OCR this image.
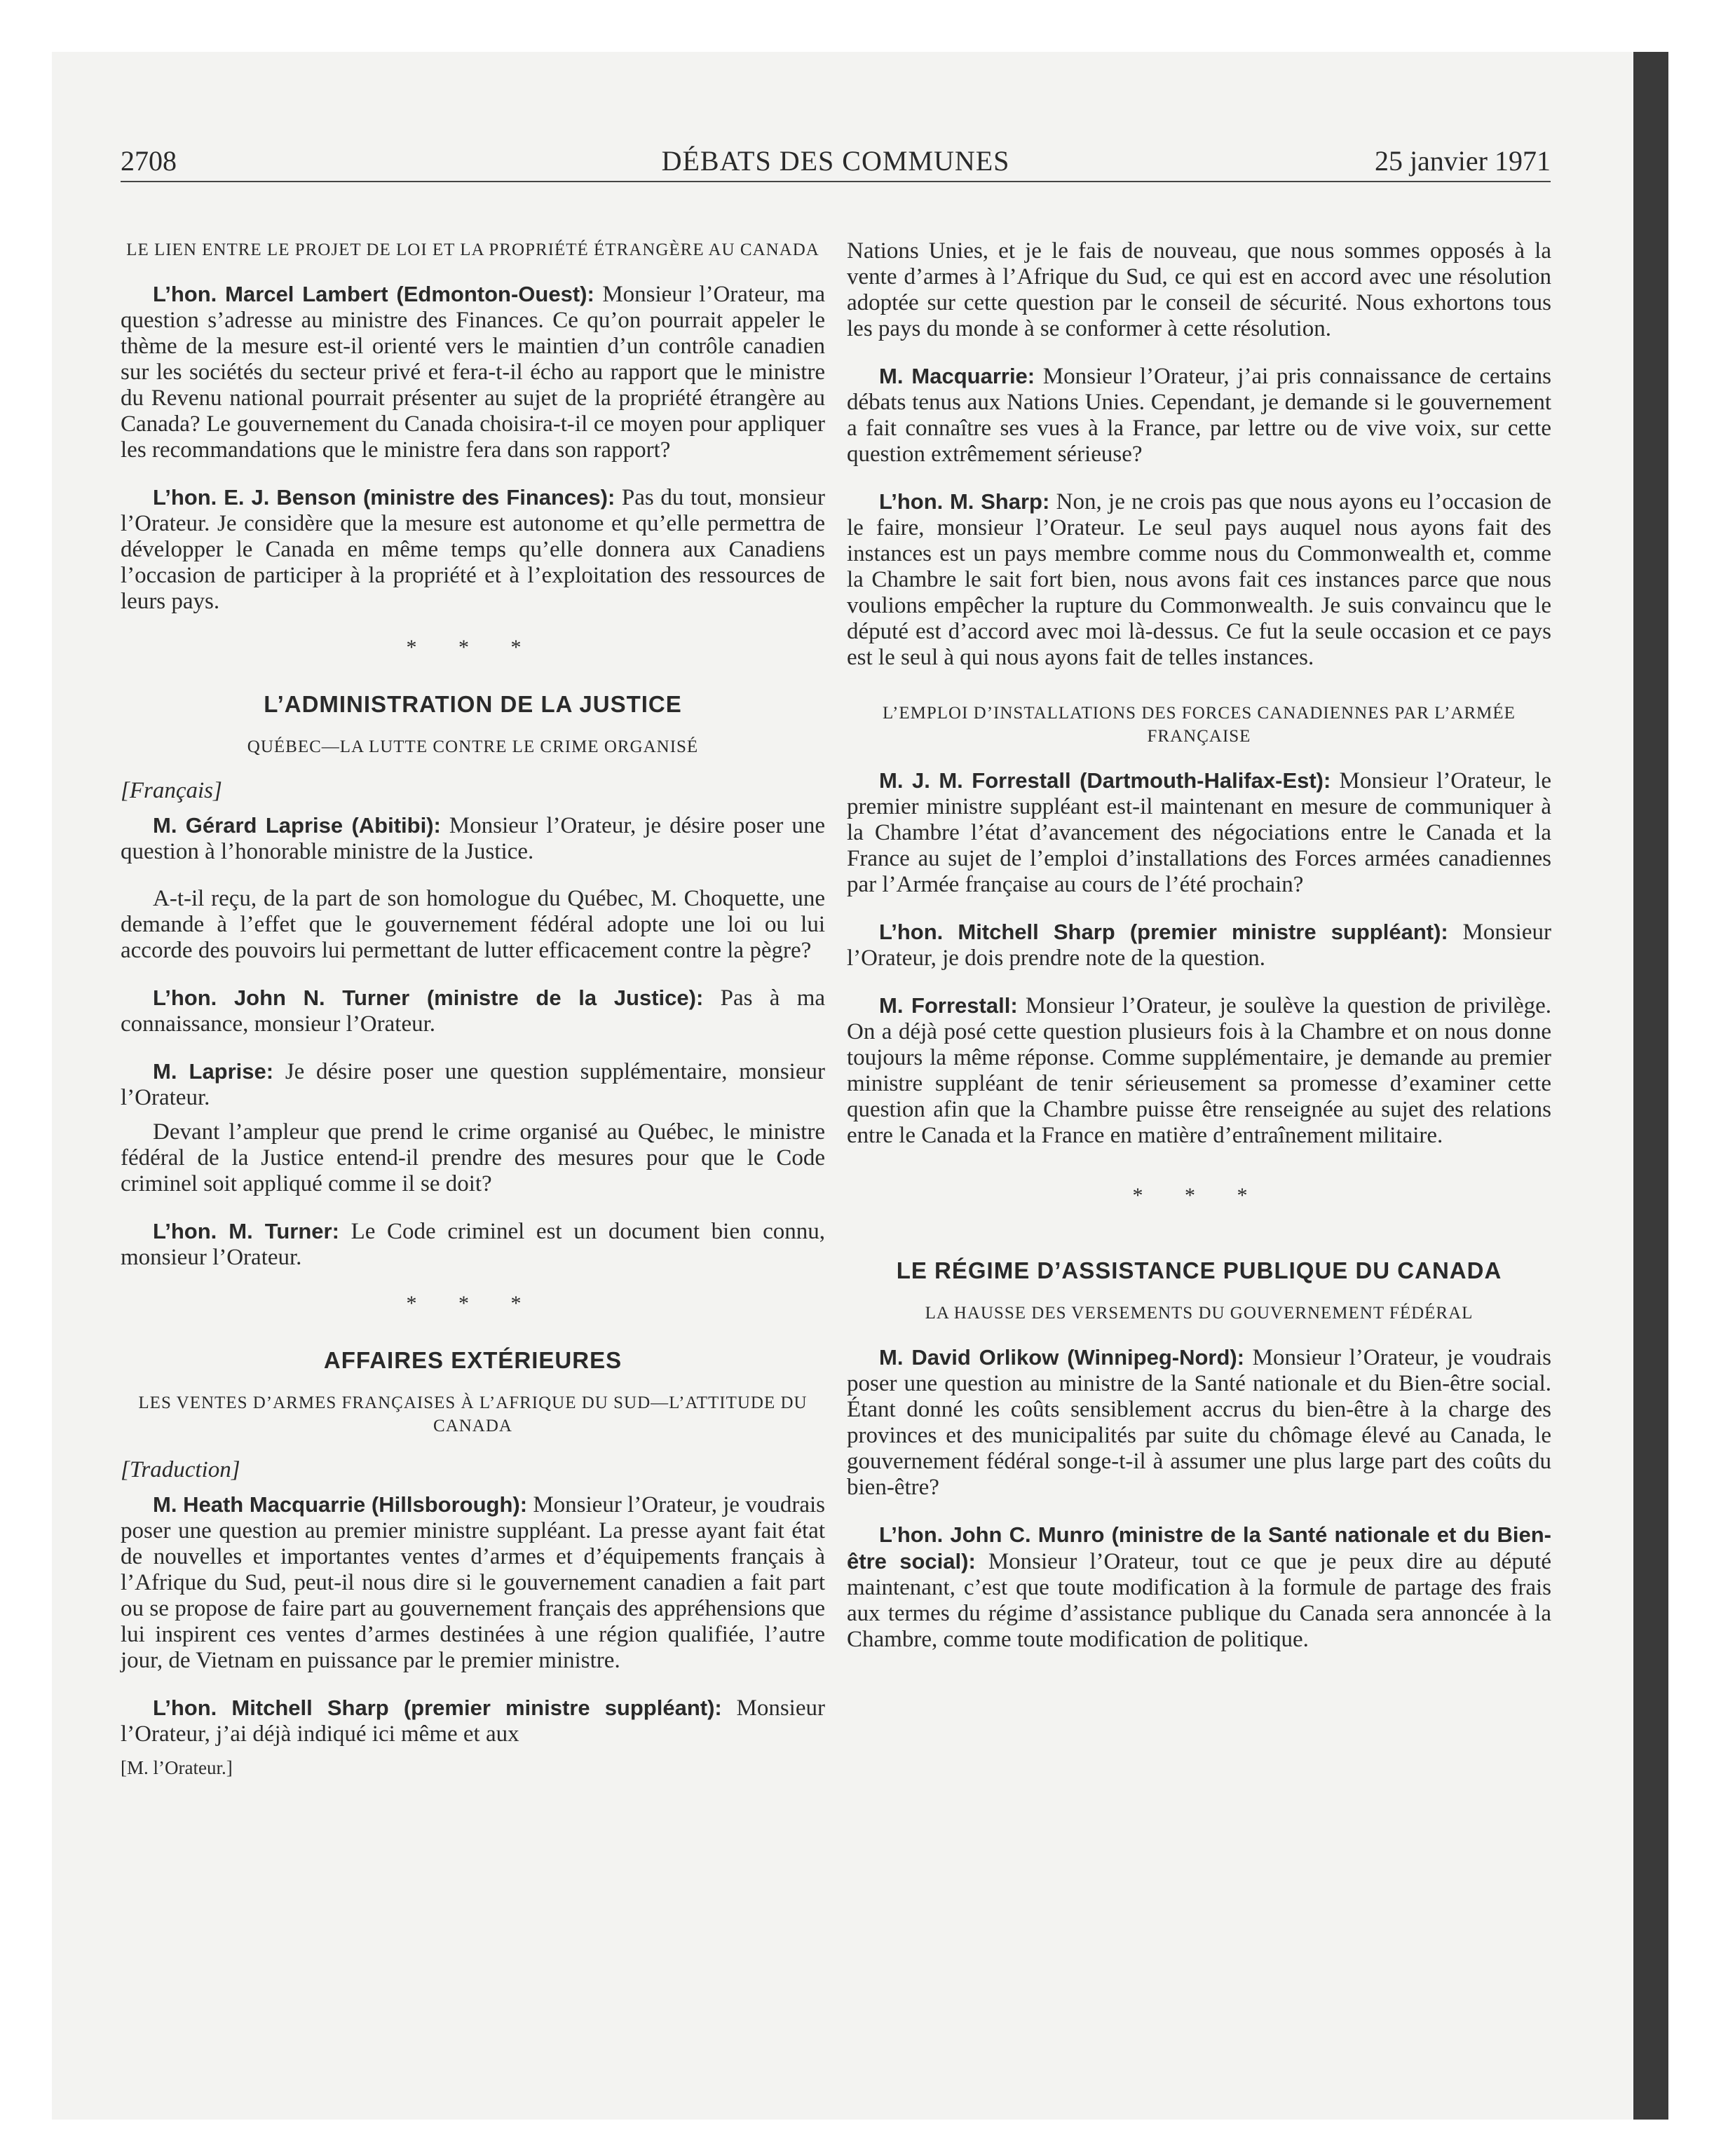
2708	DÉBATS DES COMMUNES	25 janvier 1971
LE LIEN ENTRE LE PROJET DE LOI ET LA PROPRIÉTÉ ÉTRANGÈRE AU CANADA

L’hon. Marcel Lambert (Edmonton-Ouest): Monsieur l’Orateur, ma question s’adresse au ministre des Finances. Ce qu’on pourrait appeler le thème de la mesure est-il orienté vers le maintien d’un contrôle canadien sur les sociétés du secteur privé et fera-t-il écho au rapport que le ministre du Revenu national pourrait présenter au sujet de la propriété étrangère au Canada? Le gouvernement du Canada choisira-t-il ce moyen pour appliquer les recommandations que le ministre fera dans son rapport?

L’hon. E. J. Benson (ministre des Finances): Pas du tout, monsieur l’Orateur. Je considère que la mesure est autonome et qu’elle permettra de développer le Canada en même temps qu’elle donnera aux Canadiens l’occasion de participer à la propriété et à l’exploitation des ressources de leurs pays.

* * *
L’ADMINISTRATION DE LA JUSTICE
QUÉBEC—LA LUTTE CONTRE LE CRIME ORGANISÉ
[Français]

M. Gérard Laprise (Abitibi): Monsieur l’Orateur, je désire poser une question à l’honorable ministre de la Justice.

A-t-il reçu, de la part de son homologue du Québec, M. Choquette, une demande à l’effet que le gouvernement fédéral adopte une loi ou lui accorde des pouvoirs lui permettant de lutter efficacement contre la pègre?

L’hon. John N. Turner (ministre de la Justice): Pas à ma connaissance, monsieur l’Orateur.

M. Laprise: Je désire poser une question supplémentaire, monsieur l’Orateur.

Devant l’ampleur que prend le crime organisé au Québec, le ministre fédéral de la Justice entend-il prendre des mesures pour que le Code criminel soit appliqué comme il se doit?

L’hon. M. Turner: Le Code criminel est un document bien connu, monsieur l’Orateur.

* * *
AFFAIRES EXTÉRIEURES
LES VENTES D’ARMES FRANÇAISES À L’AFRIQUE DU SUD—L’ATTITUDE DU CANADA
[Traduction]

M. Heath Macquarrie (Hillsborough): Monsieur l’Orateur, je voudrais poser une question au premier ministre suppléant. La presse ayant fait état de nouvelles et importantes ventes d’armes et d’équipements français à l’Afrique du Sud, peut-il nous dire si le gouvernement canadien a fait part ou se propose de faire part au gouvernement français des appréhensions que lui inspirent ces ventes d’armes destinées à une région qualifiée, l’autre jour, de Vietnam en puissance par le premier ministre.

L’hon. Mitchell Sharp (premier ministre suppléant): Monsieur l’Orateur, j’ai déjà indiqué ici même et aux

[M. l’Orateur.]

Nations Unies, et je le fais de nouveau, que nous sommes opposés à la vente d’armes à l’Afrique du Sud, ce qui est en accord avec une résolution adoptée sur cette question par le conseil de sécurité. Nous exhortons tous les pays du monde à se conformer à cette résolution.

M. Macquarrie: Monsieur l’Orateur, j’ai pris connaissance de certains débats tenus aux Nations Unies. Cependant, je demande si le gouvernement a fait connaître ses vues à la France, par lettre ou de vive voix, sur cette question extrêmement sérieuse?

L’hon. M. Sharp: Non, je ne crois pas que nous ayons eu l’occasion de le faire, monsieur l’Orateur. Le seul pays auquel nous ayons fait des instances est un pays membre comme nous du Commonwealth et, comme la Chambre le sait fort bien, nous avons fait ces instances parce que nous voulions empêcher la rupture du Commonwealth. Je suis convaincu que le député est d’accord avec moi là-dessus. Ce fut la seule occasion et ce pays est le seul à qui nous ayons fait de telles instances.

L’EMPLOI D’INSTALLATIONS DES FORCES CANADIENNES PAR L’ARMÉE FRANÇAISE

M. J. M. Forrestall (Dartmouth-Halifax-Est): Monsieur l’Orateur, le premier ministre suppléant est-il maintenant en mesure de communiquer à la Chambre l’état d’avancement des négociations entre le Canada et la France au sujet de l’emploi d’installations des Forces armées canadiennes par l’Armée française au cours de l’été prochain?

L’hon. Mitchell Sharp (premier ministre suppléant): Monsieur l’Orateur, je dois prendre note de la question.

M. Forrestall: Monsieur l’Orateur, je soulève la question de privilège. On a déjà posé cette question plusieurs fois à la Chambre et on nous donne toujours la même réponse. Comme supplémentaire, je demande au premier ministre suppléant de tenir sérieusement sa promesse d’examiner cette question afin que la Chambre puisse être renseignée au sujet des relations entre le Canada et la France en matière d’entraînement militaire.

* * *
LE RÉGIME D’ASSISTANCE PUBLIQUE DU CANADA
LA HAUSSE DES VERSEMENTS DU GOUVERNEMENT FÉDÉRAL

M. David Orlikow (Winnipeg-Nord): Monsieur l’Orateur, je voudrais poser une question au ministre de la Santé nationale et du Bien-être social. Étant donné les coûts sensiblement accrus du bien-être à la charge des provinces et des municipalités par suite du chômage élevé au Canada, le gouvernement fédéral songe-t-il à assumer une plus large part des coûts du bien-être?

L’hon. John C. Munro (ministre de la Santé nationale et du Bien-être social): Monsieur l’Orateur, tout ce que je peux dire au député maintenant, c’est que toute modification à la formule de partage des frais aux termes du régime d’assistance publique du Canada sera annoncée à la Chambre, comme toute modification de politique.
